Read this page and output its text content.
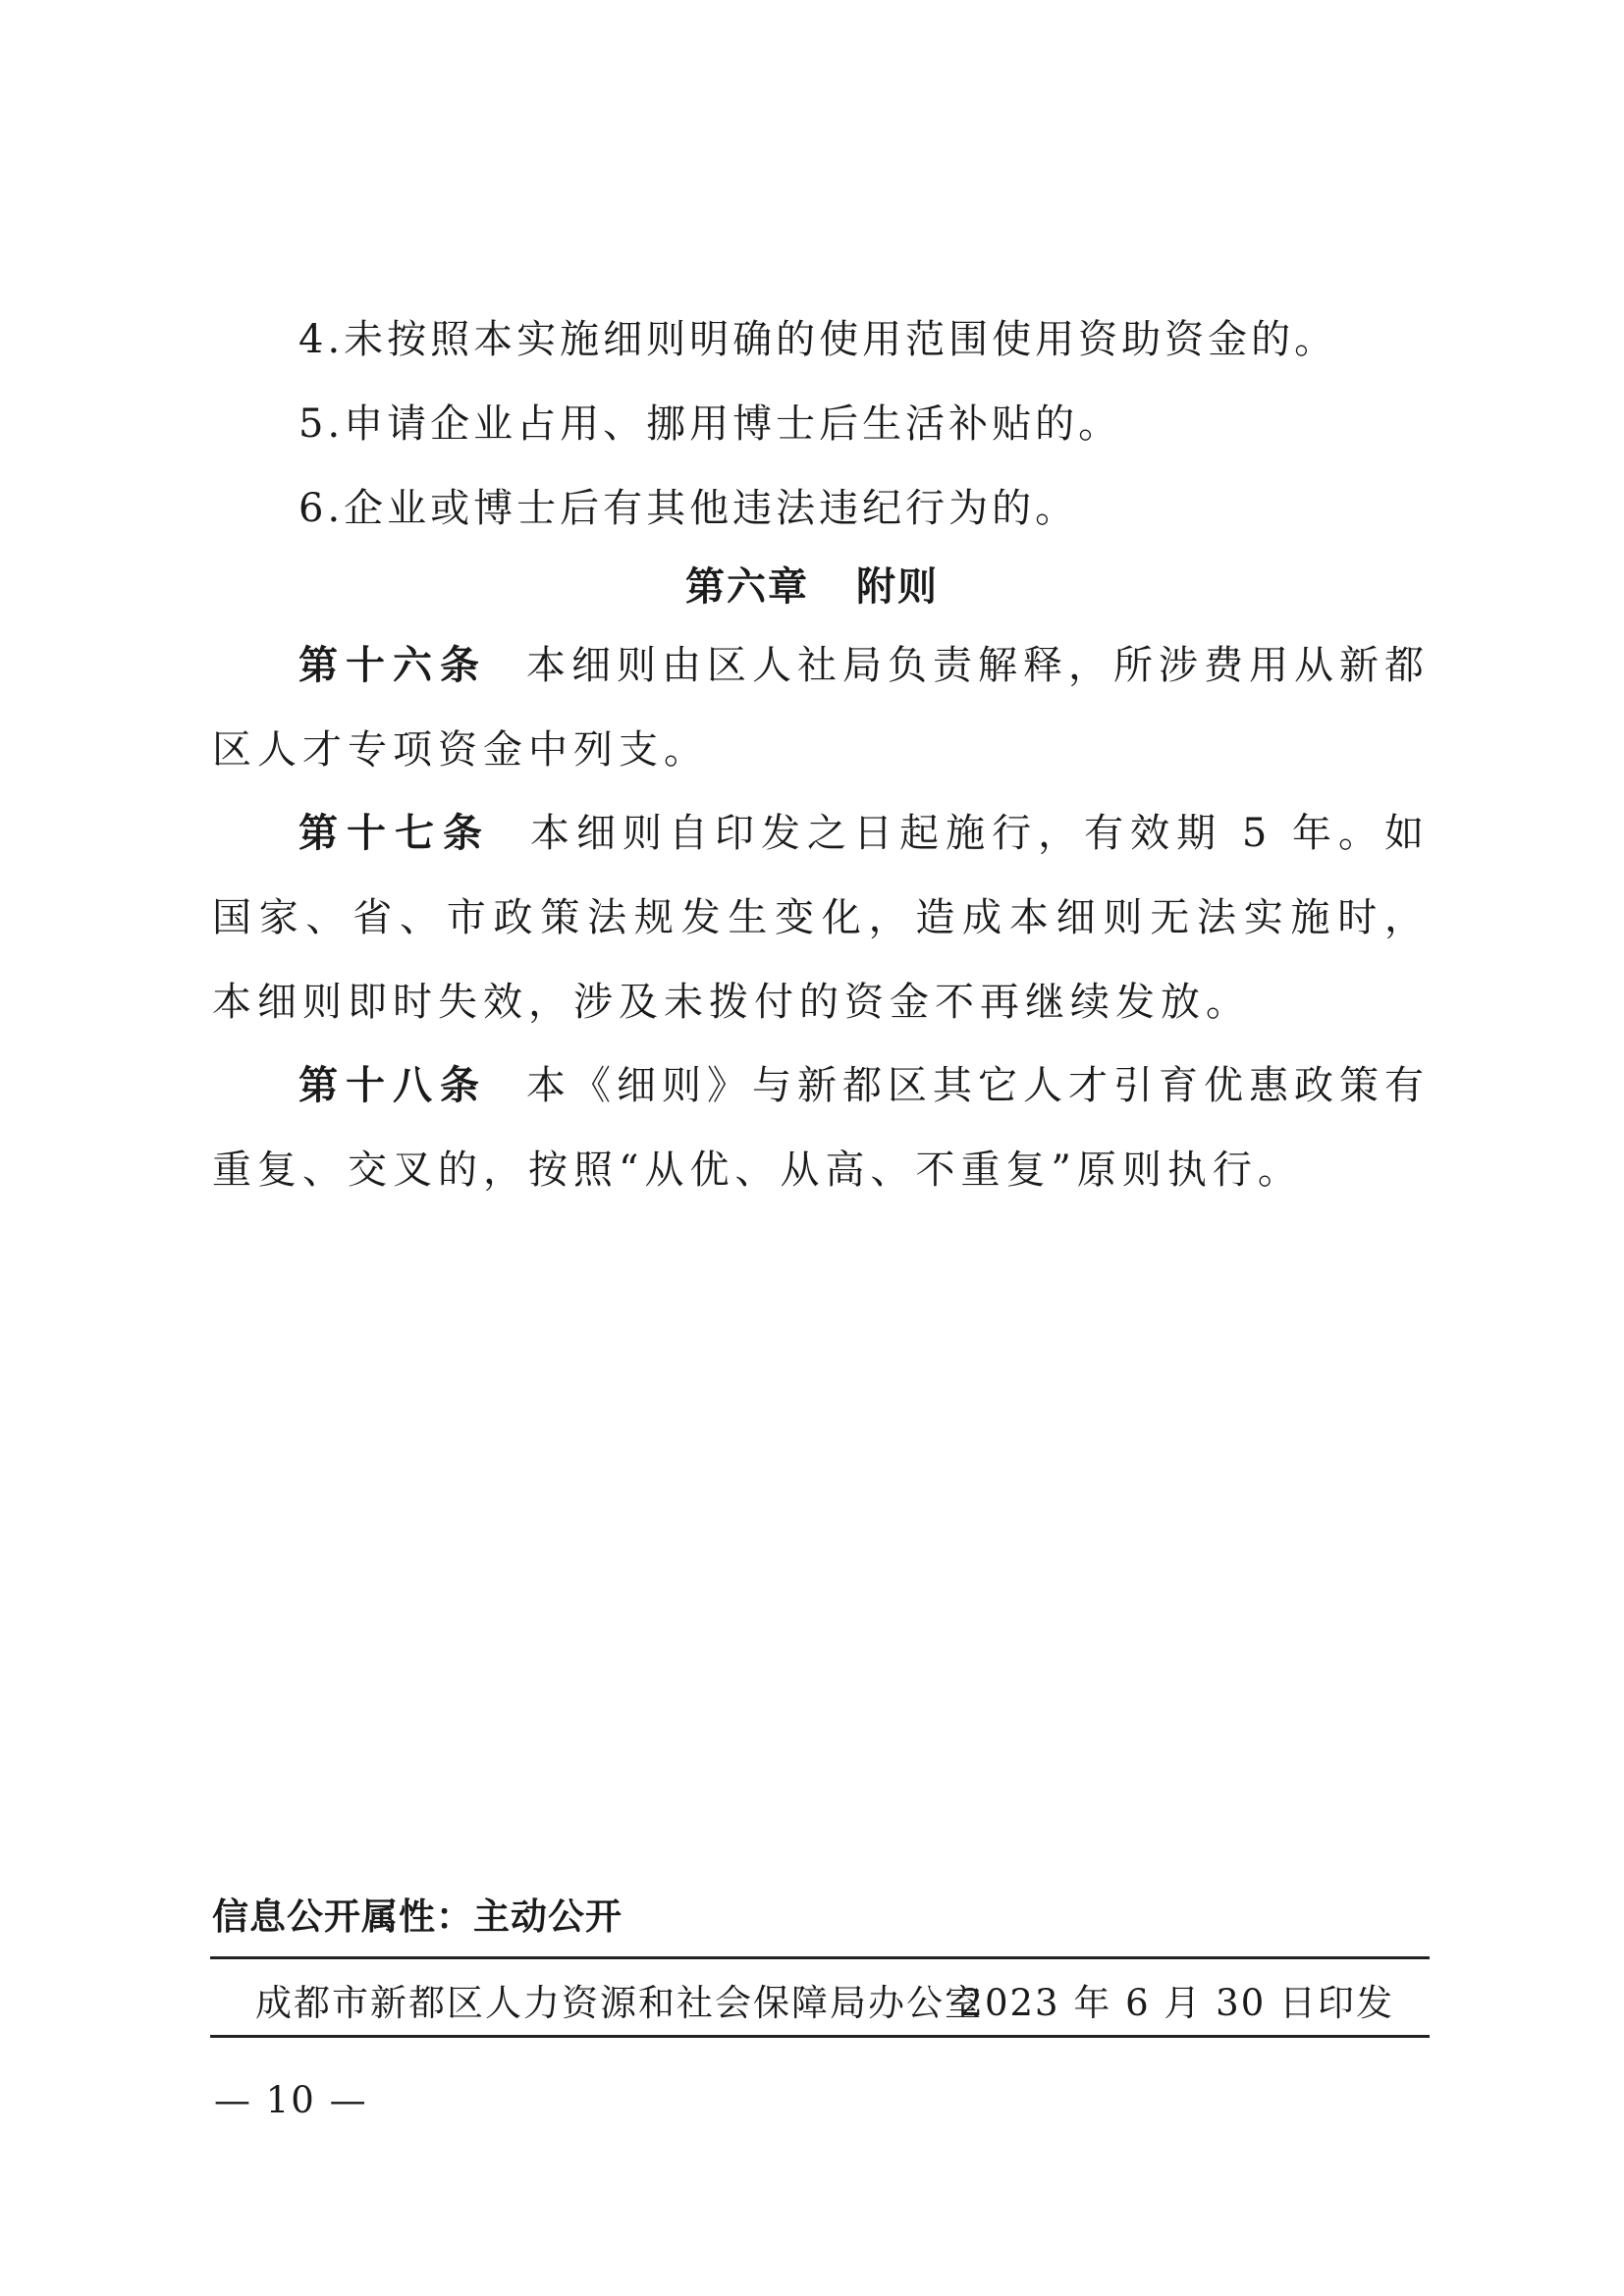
4.未按照本实施细则明确的使用范围使用资助资金的。

5.申请企业占用、挪用博士后生活补贴的。

6.企业或博士后有其他违法违纪行为的。

第六章 附则

第十六条 本细则由区人社局负责解释，所涉费用从新都区人才专项资金中列支。

第十七条 本细则自印发之日起施行，有效期 5 年。如国家、省、市政策法规发生变化，造成本细则无法实施时，本细则即时失效，涉及未拨付的资金不再继续发放。

第十八条 本《细则》与新都区其它人才引育优惠政策有重复、交叉的，按照“从优、从高、不重复”原则执行。

信息公开属性：主动公开
成都市新都区人力资源和社会保障局办公室
2023 年 6 月 30 日印发
— 10 —
